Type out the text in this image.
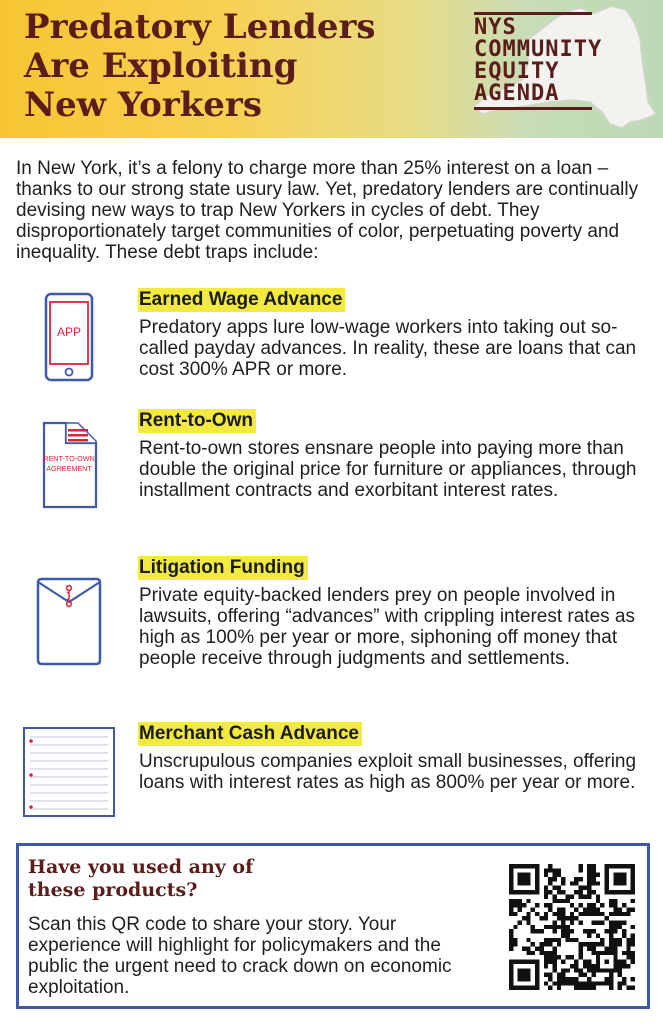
Predatory Lenders
Are Exploiting
New Yorkers
NYS
COMMUNITY
EQUITY
AGENDA

In New York, it’s a felony to charge more than 25% interest on a loan – thanks to our strong state usury law. Yet, predatory lenders are continually devising new ways to trap New Yorkers in cycles of debt. They disproportionately target communities of color, perpetuating poverty and inequality. These debt traps include:

APP
Earned Wage Advance

Predatory apps lure low-wage workers into taking out so-called payday advances. In reality, these are loans that can cost 300% APR or more.

RENT-TO-OWN
AGREEMENT
Rent-to-Own

Rent-to-own stores ensnare people into paying more than double the original price for furniture or appliances, through installment contracts and exorbitant interest rates.

Litigation Funding

Private equity-backed lenders prey on people involved in lawsuits, offering “advances” with crippling interest rates as high as 100% per year or more, siphoning off money that people receive through judgments and settlements.

Merchant Cash Advance

Unscrupulous companies exploit small businesses, offering loans with interest rates as high as 800% per year or more.

Have you used any of
these products?

Scan this QR code to share your story. Your experience will highlight for policymakers and the public the urgent need to crack down on economic exploitation.
